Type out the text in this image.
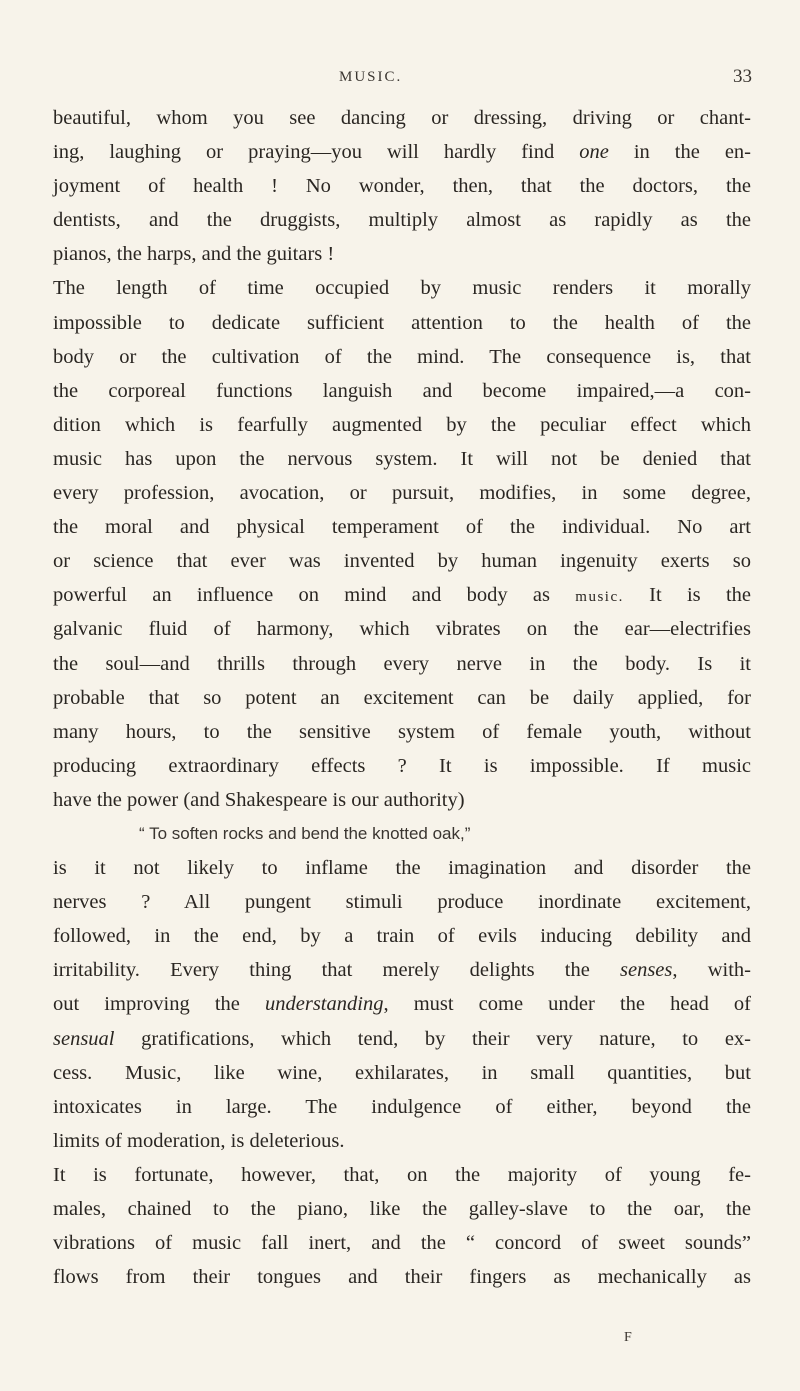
MUSIC.	33
beautiful, whom you see dancing or dressing, driving or chant-
ing, laughing or praying—you will hardly find one in the en-
joyment of health ! No wonder, then, that the doctors, the
dentists, and the druggists, multiply almost as rapidly as the
pianos, the harps, and the guitars !
The length of time occupied by music renders it morally
impossible to dedicate sufficient attention to the health of the
body or the cultivation of the mind. The consequence is, that
the corporeal functions languish and become impaired,—a con-
dition which is fearfully augmented by the peculiar effect which
music has upon the nervous system. It will not be denied that
every profession, avocation, or pursuit, modifies, in some degree,
the moral and physical temperament of the individual. No art
or science that ever was invented by human ingenuity exerts so
powerful an influence on mind and body as music. It is the
galvanic fluid of harmony, which vibrates on the ear—electrifies
the soul—and thrills through every nerve in the body. Is it
probable that so potent an excitement can be daily applied, for
many hours, to the sensitive system of female youth, without
producing extraordinary effects ? It is impossible. If music
have the power (and Shakespeare is our authority)
“ To soften rocks and bend the knotted oak,”
is it not likely to inflame the imagination and disorder the
nerves ? All pungent stimuli produce inordinate excitement,
followed, in the end, by a train of evils inducing debility and
irritability. Every thing that merely delights the senses, with-
out improving the understanding, must come under the head of
sensual gratifications, which tend, by their very nature, to ex-
cess. Music, like wine, exhilarates, in small quantities, but
intoxicates in large. The indulgence of either, beyond the
limits of moderation, is deleterious.
It is fortunate, however, that, on the majority of young fe-
males, chained to the piano, like the galley-slave to the oar, the
vibrations of music fall inert, and the “ concord of sweet sounds”
flows from their tongues and their fingers as mechanically as
F
